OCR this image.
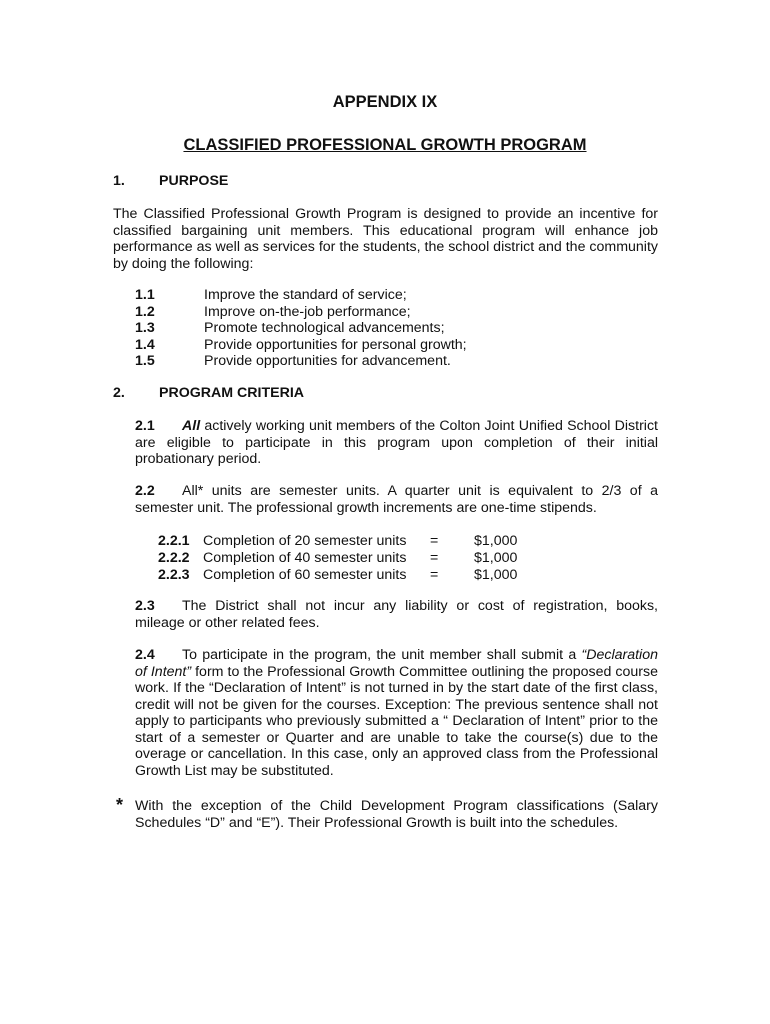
APPENDIX IX
CLASSIFIED PROFESSIONAL GROWTH PROGRAM
1. PURPOSE
The Classified Professional Growth Program is designed to provide an incentive for classified bargaining unit members. This educational program will enhance job performance as well as services for the students, the school district and the community by doing the following:
1.1	Improve the standard of service;
1.2	Improve on-the-job performance;
1.3	Promote technological advancements;
1.4	Provide opportunities for personal growth;
1.5	Provide opportunities for advancement.
2. PROGRAM CRITERIA
2.1 All actively working unit members of the Colton Joint Unified School District are eligible to participate in this program upon completion of their initial probationary period.
2.2 All* units are semester units. A quarter unit is equivalent to 2/3 of a semester unit. The professional growth increments are one-time stipends.
2.2.1 Completion of 20 semester units =	$1,000
2.2.2 Completion of 40 semester units =	$1,000
2.2.3 Completion of 60 semester units =	$1,000
2.3 The District shall not incur any liability or cost of registration, books, mileage or other related fees.
2.4 To participate in the program, the unit member shall submit a “Declaration of Intent” form to the Professional Growth Committee outlining the proposed course work. If the “Declaration of Intent” is not turned in by the start date of the first class, credit will not be given for the courses. Exception: The previous sentence shall not apply to participants who previously submitted a “ Declaration of Intent” prior to the start of a semester or Quarter and are unable to take the course(s) due to the overage or cancellation. In this case, only an approved class from the Professional Growth List may be substituted.
* With the exception of the Child Development Program classifications (Salary Schedules “D” and “E”). Their Professional Growth is built into the schedules.
